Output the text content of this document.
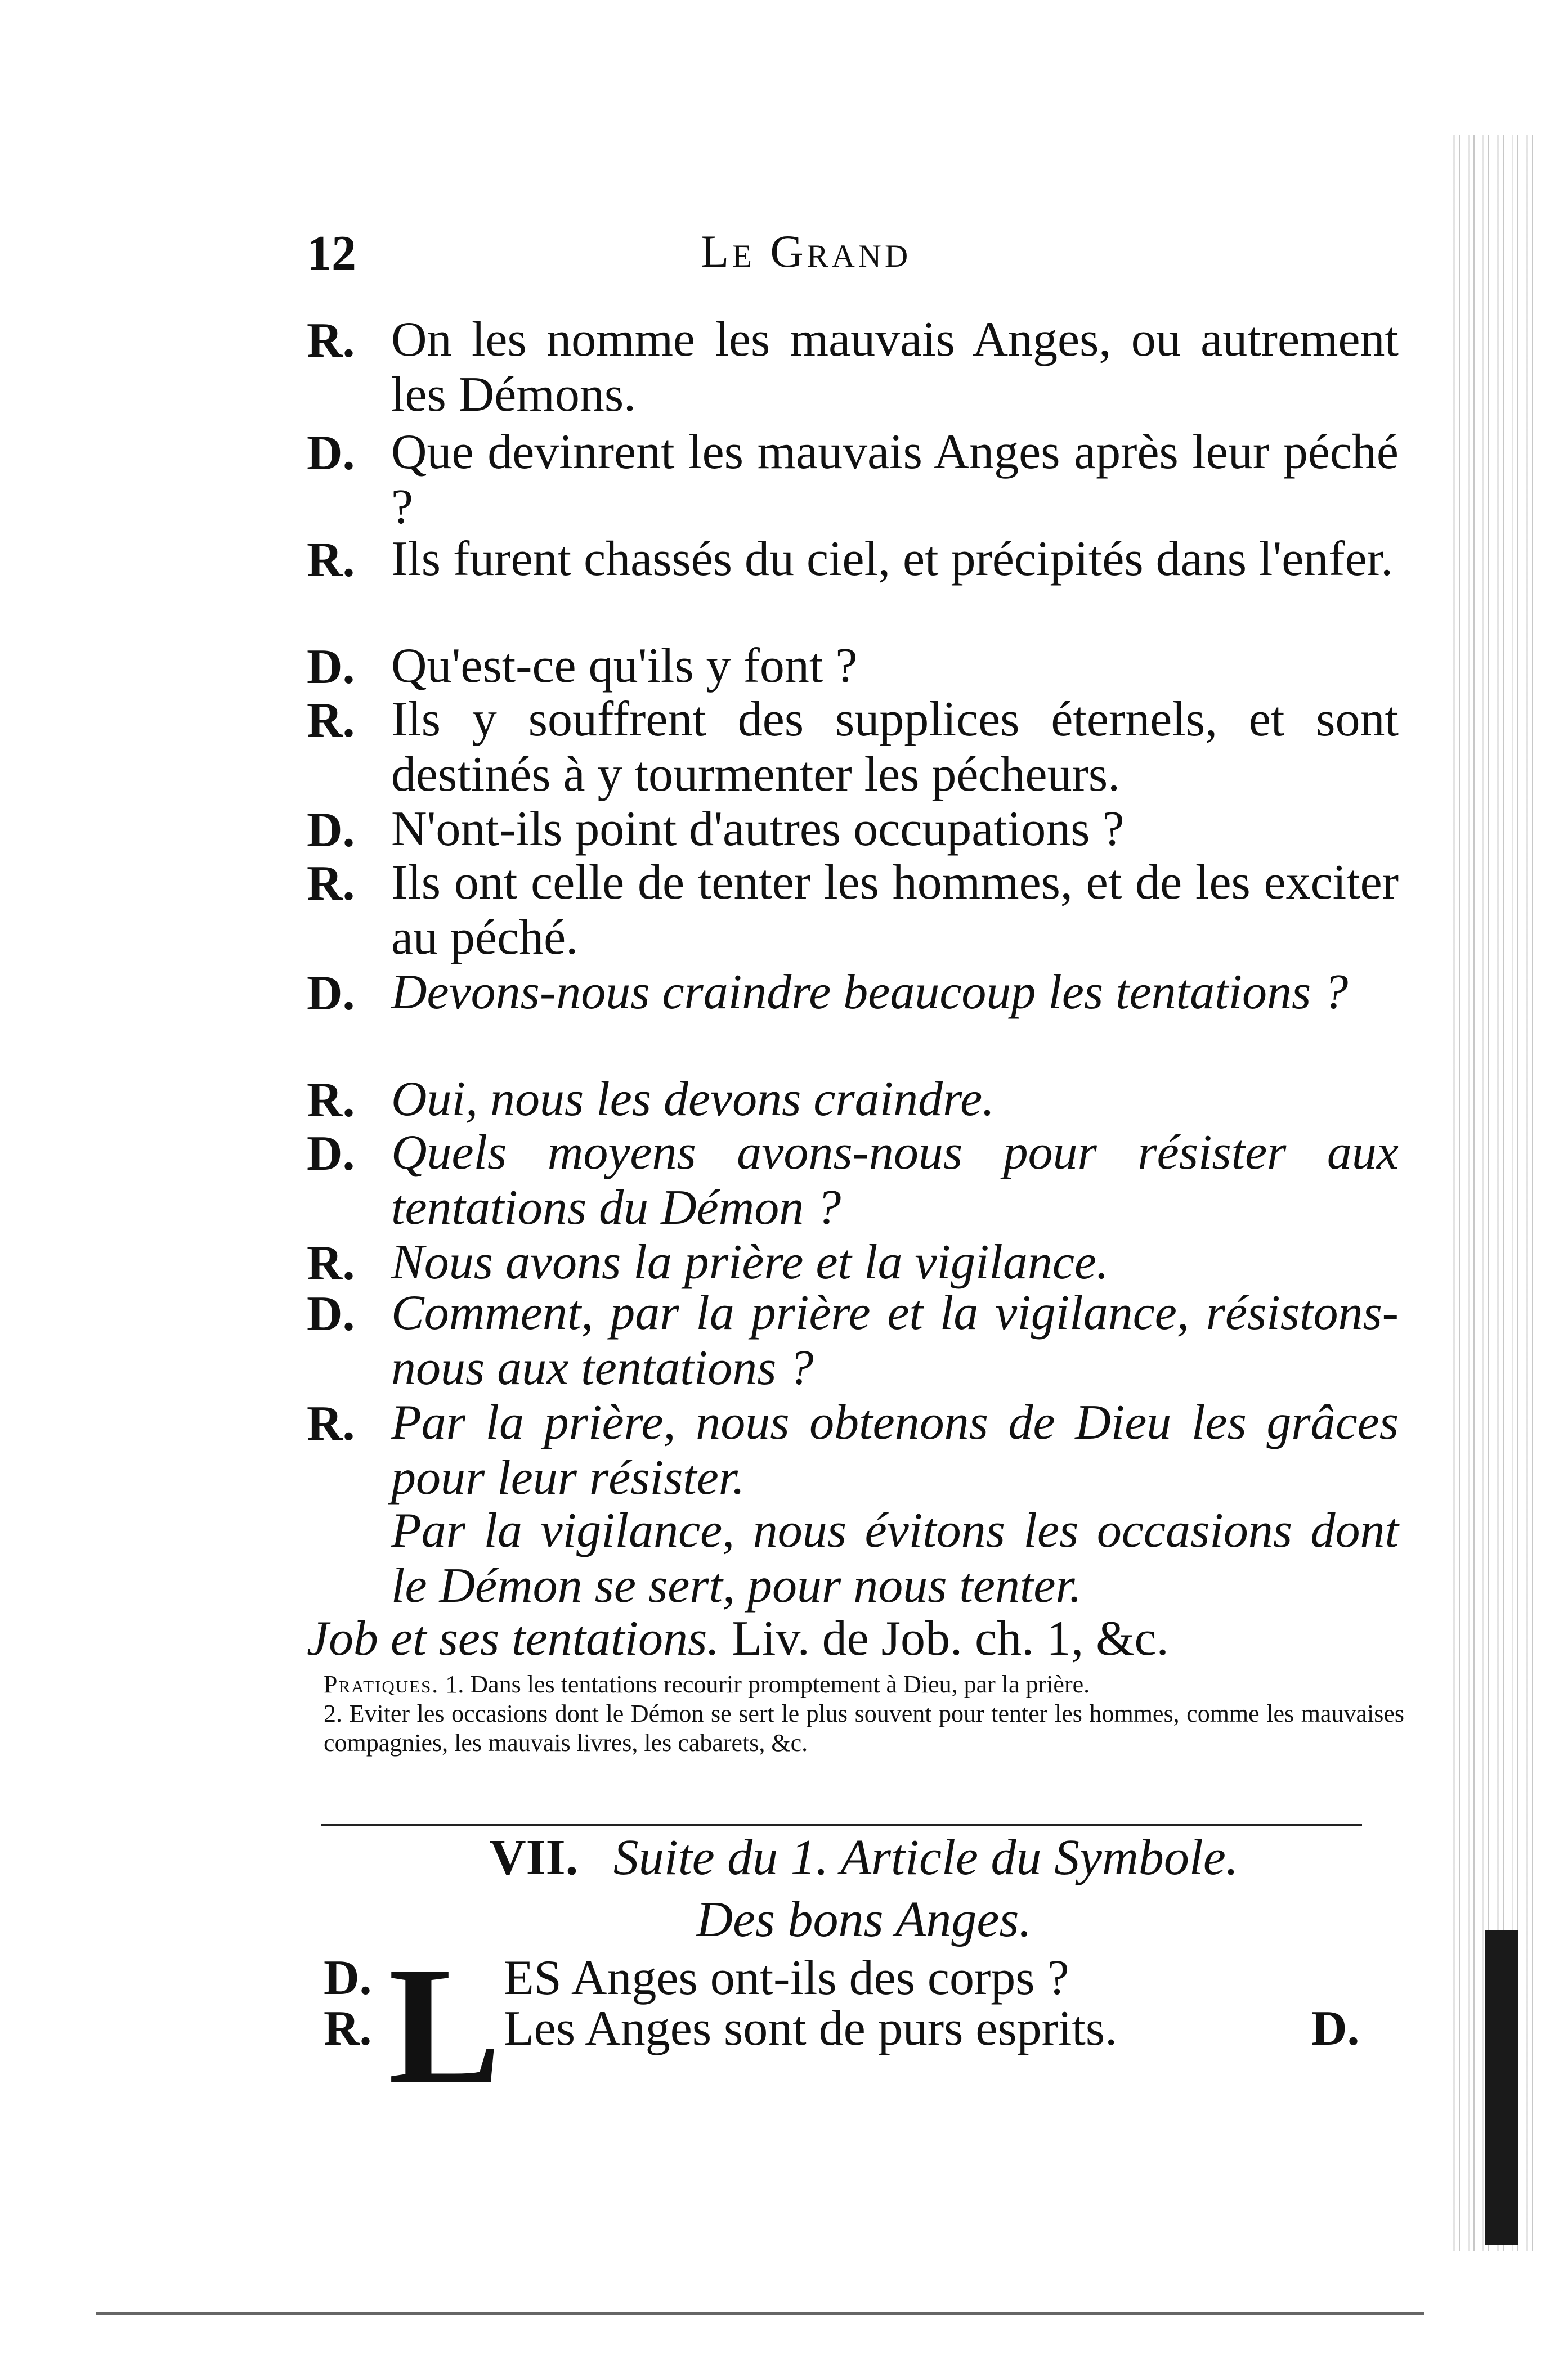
12	Le Grand
R. On les nomme les mauvais Anges, ou autrement les Démons.
D. Que devinrent les mauvais Anges après leur péché ?
R. Ils furent chassés du ciel, et précipités dans l'enfer.
D. Qu'est-ce qu'ils y font ?
R. Ils y souffrent des supplices éternels, et sont destinés à y tourmenter les pécheurs.
D. N'ont-ils point d'autres occupations ?
R. Ils ont celle de tenter les hommes, et de les exciter au péché.
D. Devons-nous craindre beaucoup les tentations ?
R. Oui, nous les devons craindre.
D. Quels moyens avons-nous pour résister aux tentations du Démon ?
R. Nous avons la prière et la vigilance.
D. Comment, par la prière et la vigilance, résistons-nous aux tentations ?
R. Par la prière, nous obtenons de Dieu les grâces pour leur résister.
Par la vigilance, nous évitons les occasions dont le Démon se sert, pour nous tenter.
Job et ses tentations. Liv. de Job. ch. 1, &c.
Pratiques. 1. Dans les tentations recourir promptement à Dieu, par la prière.
2. Eviter les occasions dont le Démon se sert le plus souvent pour tenter les hommes, comme les mauvaises compagnies, les mauvais livres, les cabarets, &c.
VII. Suite du 1. Article du Symbole.
Des bons Anges.
L
D.	ES Anges ont-ils des corps ?
R.	Les Anges sont de purs esprits.	D.
